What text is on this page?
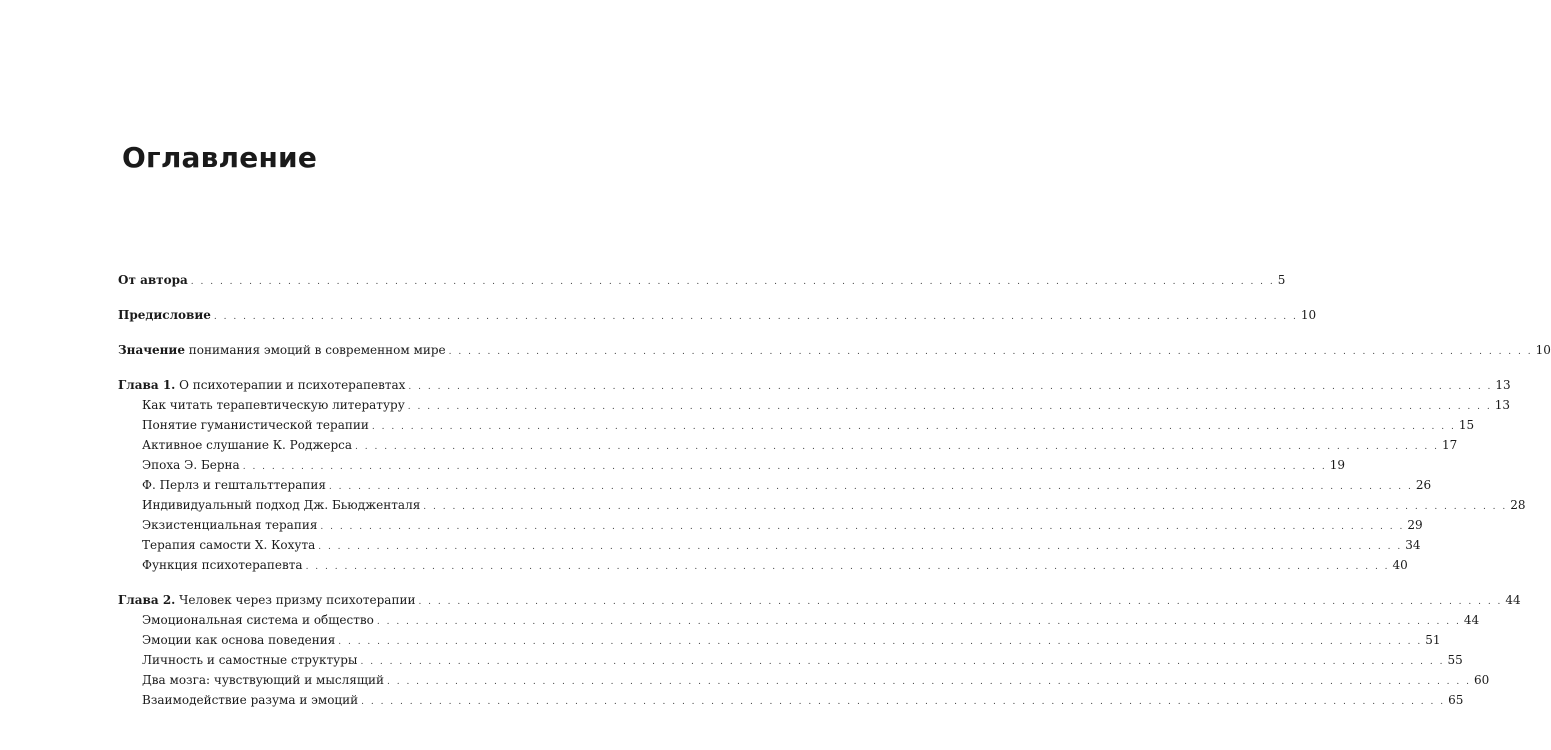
Оглавление
От автора . . .	5
Предисловие . . .	10
Значение понимания эмоций в современном мире . . .	10
Глава 1. О психотерапии и психотерапевтах . . .	13
Как читать терапевтическую литературу . . .	13
Понятие гуманистической терапии . . .	15
Активное слушание К. Роджерса . . .	17
Эпоха Э. Берна . . .	19
Ф. Перлз и гештальттерапия . . .	26
Индивидуальный подход Дж. Бьюдженталя . . .	28
Экзистенциальная терапия . . .	29
Терапия самости Х. Кохута . . .	34
Функция психотерапевта . . .	40
Глава 2. Человек через призму психотерапии . . .	44
Эмоциональная система и общество . . .	44
Эмоции как основа поведения . . .	51
Личность и самостные структуры . . .	55
Два мозга: чувствующий и мыслящий . . .	60
Взаимодействие разума и эмоций . . .	65
